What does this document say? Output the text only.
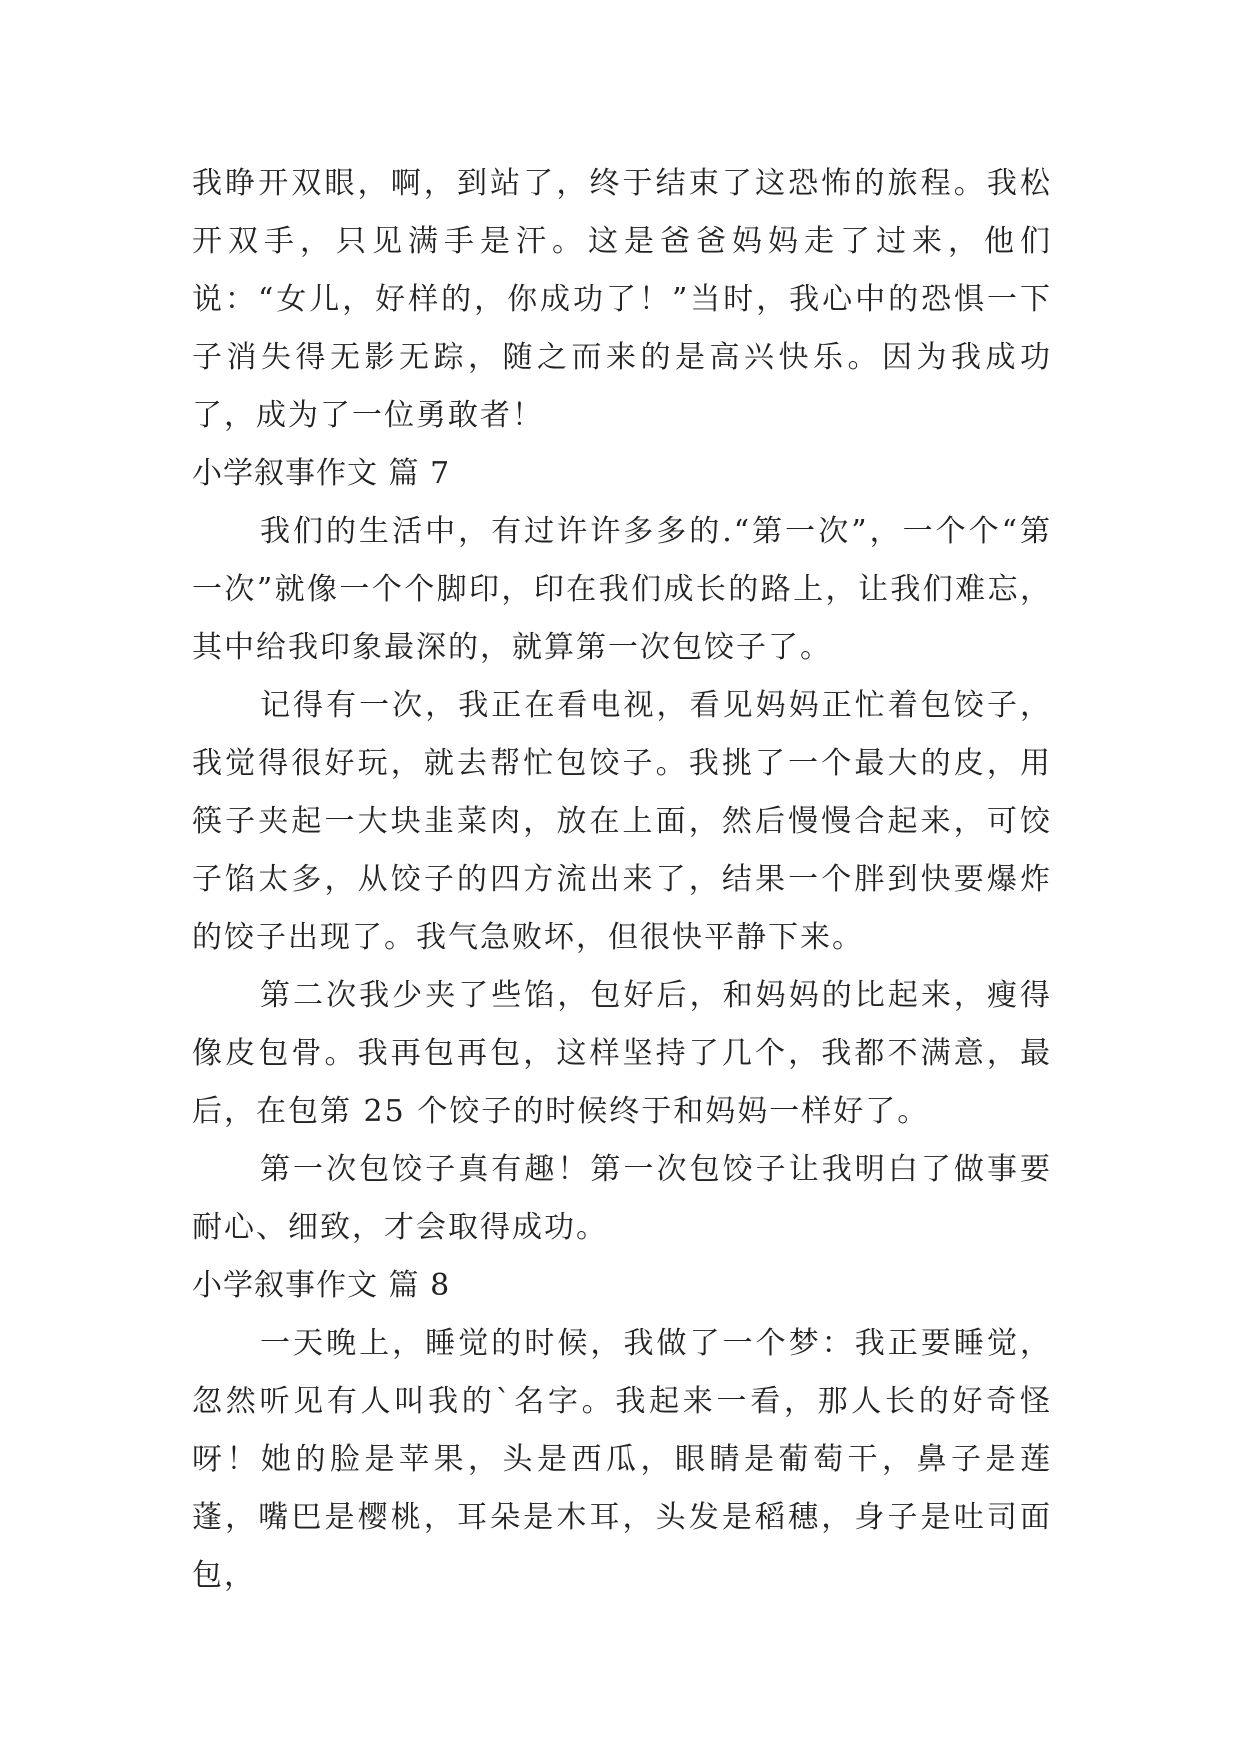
我睁开双眼，啊，到站了，终于结束了这恐怖的旅程。我松开双手，只见满手是汗。这是爸爸妈妈走了过来，他们说：“女儿，好样的，你成功了！”当时，我心中的恐惧一下子消失得无影无踪，随之而来的是高兴快乐。因为我成功了，成为了一位勇敢者！

小学叙事作文 篇 7

我们的生活中，有过许许多多的.“第一次”，一个个“第一次”就像一个个脚印，印在我们成长的路上，让我们难忘，其中给我印象最深的，就算第一次包饺子了。

记得有一次，我正在看电视，看见妈妈正忙着包饺子，我觉得很好玩，就去帮忙包饺子。我挑了一个最大的皮，用筷子夹起一大块韭菜肉，放在上面，然后慢慢合起来，可饺子馅太多，从饺子的四方流出来了，结果一个胖到快要爆炸的饺子出现了。我气急败坏，但很快平静下来。

第二次我少夹了些馅，包好后，和妈妈的比起来，瘦得像皮包骨。我再包再包，这样坚持了几个，我都不满意，最后，在包第 25 个饺子的时候终于和妈妈一样好了。

第一次包饺子真有趣！第一次包饺子让我明白了做事要耐心、细致，才会取得成功。

小学叙事作文 篇 8

一天晚上，睡觉的时候，我做了一个梦：我正要睡觉，忽然听见有人叫我的`名字。我起来一看，那人长的好奇怪呀！她的脸是苹果，头是西瓜，眼睛是葡萄干，鼻子是莲蓬，嘴巴是樱桃，耳朵是木耳，头发是稻穗，身子是吐司面包，
